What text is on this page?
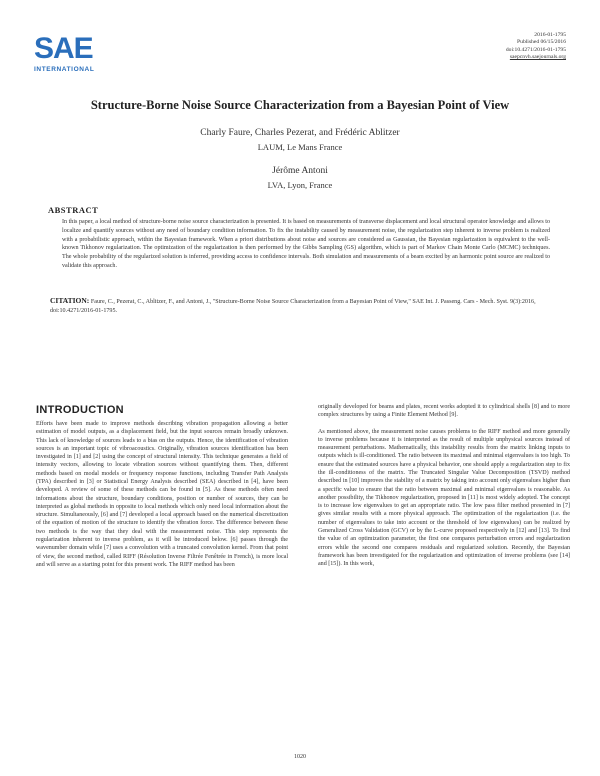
SAE
INTERNATIONAL
2016-01-1795
Published 06/15/2016
doi:10.4271/2016-01-1795
saepcnvh.saejournals.org
Structure-Borne Noise Source Characterization from a Bayesian Point of View
Charly Faure, Charles Pezerat, and Frédéric Ablitzer
LAUM, Le Mans France
Jérôme Antoni
LVA, Lyon, France
ABSTRACT
In this paper, a local method of structure-borne noise source characterization is presented. It is based on measurements of transverse displacement and local structural operator knowledge and allows to localize and quantify sources without any need of boundary condition information. To fix the instability caused by measurement noise, the regularization step inherent to inverse problem is realized with a probabilistic approach, within the Bayesian framework. When a priori distributions about noise and sources are considered as Gaussian, the Bayesian regularization is equivalent to the well-known Tikhonov regularization. The optimization of the regularization is then performed by the Gibbs Sampling (GS) algorithm, which is part of Markov Chain Monte Carlo (MCMC) techniques. The whole probability of the regularized solution is inferred, providing access to confidence intervals. Both simulation and measurements of a beam excited by an harmonic point source are realized to validate this approach.
CITATION: Faure, C., Pezerat, C., Ablitzer, F., and Antoni, J., "Structure-Borne Noise Source Characterization from a Bayesian Point of View," SAE Int. J. Passeng. Cars - Mech. Syst. 9(3):2016, doi:10.4271/2016-01-1795.
INTRODUCTION

Efforts have been made to improve methods describing vibration propagation allowing a better estimation of model outputs, as a displacement field, but the input sources remain broadly unknown. This lack of knowledge of sources leads to a bias on the outputs. Hence, the identification of vibration sources is an important topic of vibroacoustics. Originally, vibration sources identification has been investigated in [1] and [2] using the concept of structural intensity. This technique generates a field of intensity vectors, allowing to locate vibration sources without quantifying them. Then, different methods based on modal models or frequency response functions, including Transfer Path Analysis (TPA) described in [3] or Statistical Energy Analysis described (SEA) described in [4], have been developed. A review of some of these methods can be found in [5]. As these methods often need informations about the structure, boundary conditions, position or number of sources, they can be interpreted as global methods in opposite to local methods which only need local information about the structure. Simultaneously, [6] and [7] developed a local approach based on the numerical discretization of the equation of motion of the structure to identify the vibration force. The difference between these two methods is the way that they deal with the measurement noise. This step represents the regularization inherent to inverse problem, as it will be introduced below. [6] passes through the wavenumber domain while [7] uses a convolution with a truncated convolution kernel. From that point of view, the second method, called RIFF (Résolution Inverse Filtrée Fenêtrée in French), is more local and will serve as a starting point for this present work. The RIFF method has been

originally developed for beams and plates, recent works adopted it to cylindrical shells [8] and to more complex structures by using a Finite Element Method [9].

As mentioned above, the measurement noise causes problems to the RIFF method and more generally to inverse problems because it is interpreted as the result of multiple unphysical sources instead of measurement perturbations. Mathematically, this instability results from the matrix linking inputs to outputs which is ill-conditioned. The ratio between its maximal and minimal eigenvalues is too high. To ensure that the estimated sources have a physical behavior, one should apply a regularization step to fix the ill-conditioness of the matrix. The Truncated Singular Value Decomposition (TSVD) method described in [10] improves the stability of a matrix by taking into account only eigenvalues higher than a specific value to ensure that the ratio between maximal and minimal eigenvalues is reasonable. As another possibility, the Tikhonov regularization, proposed in [11] is most widely adopted. The concept is to increase low eigenvalues to get an appropriate ratio. The low pass filter method presented in [7] gives similar results with a more physical approach. The optimization of the regularization (i.e. the number of eigenvalues to take into account or the threshold of low eigenvalues) can be realized by Generalized Cross Validation (GCV) or by the L-curve proposed respectively in [12] and [13]. To find the value of an optimization parameter, the first one compares perturbation errors and regularization errors while the second one compares residuals and regularized solution. Recently, the Bayesian framework has been investigated for the regularization and optimization of inverse problems (see [14] and [15]). In this work,

1020
